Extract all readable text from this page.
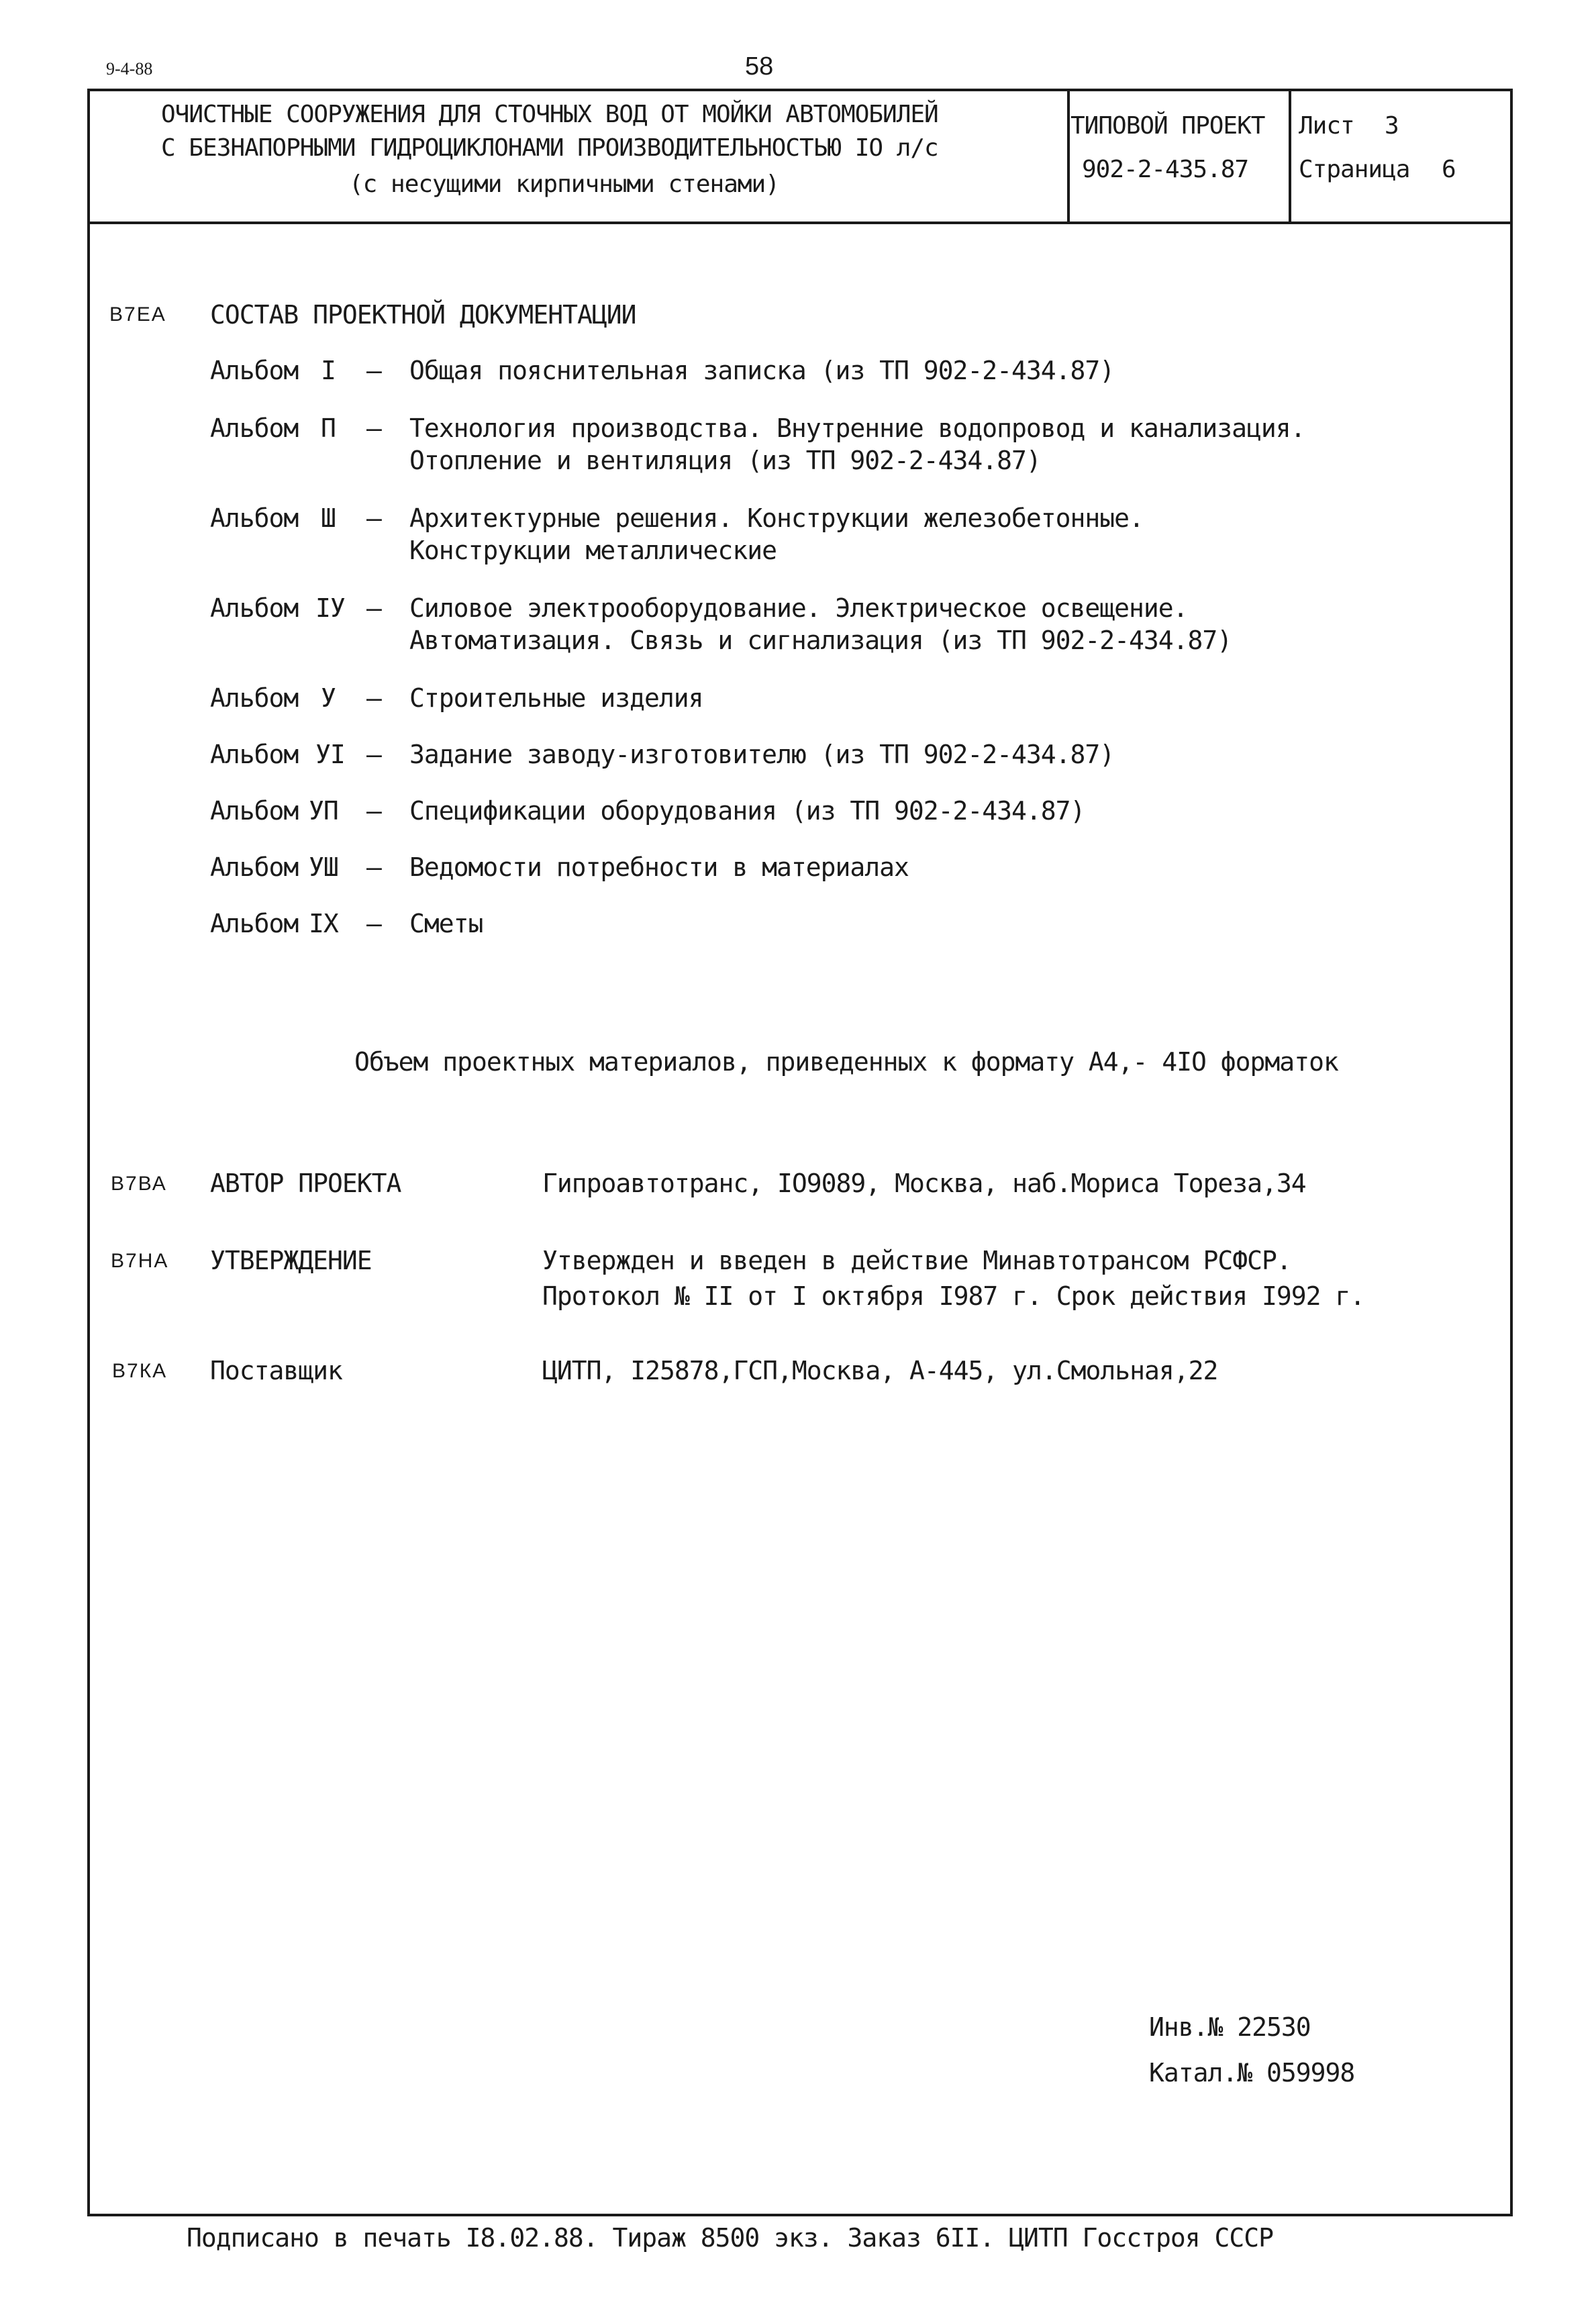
9-4-88	58
ОЧИСТНЫЕ СООРУЖЕНИЯ ДЛЯ СТОЧНЫХ ВОД ОТ МОЙКИ АВТОМОБИЛЕЙ
С БЕЗНАПОРНЫМИ ГИДРОЦИКЛОНАМИ ПРОИЗВОДИТЕЛЬНОСТЬЮ IO л/с
(с несущими кирпичными стенами)
ТИПОВОЙ ПРОЕКТ
902-2-435.87
Лист 3
Страница 6
В7ЕА СОСТАВ ПРОЕКТНОЙ ДОКУМЕНТАЦИИ
Альбом I – Общая пояснительная записка (из ТП 902-2-434.87)
Альбом П – Технология производства. Внутренние водопровод и канализация.
Отопление и вентиляция (из ТП 902-2-434.87)
Альбом Ш – Архитектурные решения. Конструкции железобетонные.
Конструкции металлические
Альбом IУ – Силовое электрооборудование. Электрическое освещение.
Автоматизация. Связь и сигнализация (из ТП 902-2-434.87)
Альбом У – Строительные изделия
Альбом УI – Задание заводу-изготовителю (из ТП 902-2-434.87)
Альбом УП – Спецификации оборудования (из ТП 902-2-434.87)
Альбом УШ – Ведомости потребности в материалах
Альбом IX – Сметы
Объем проектных материалов, приведенных к формату А4,- 4IO форматок
В7ВА АВТОР ПРОЕКТА	Гипроавтотранс, IO9089, Москва, наб.Мориса Тореза,34
В7НА УТВЕРЖДЕНИЕ	Утвержден и введен в действие Минавтотрансом РСФСР.
Протокол № II от I октября I987 г. Срок действия I992 г.
В7КА Поставщик	ЦИТП, I25878,ГСП,Москва, А-445, ул.Смольная,22
Инв.№ 22530
Катал.№ 059998
Подписано в печать I8.02.88. Тираж 8500 экз. Заказ 6II. ЦИТП Госстроя СССР
